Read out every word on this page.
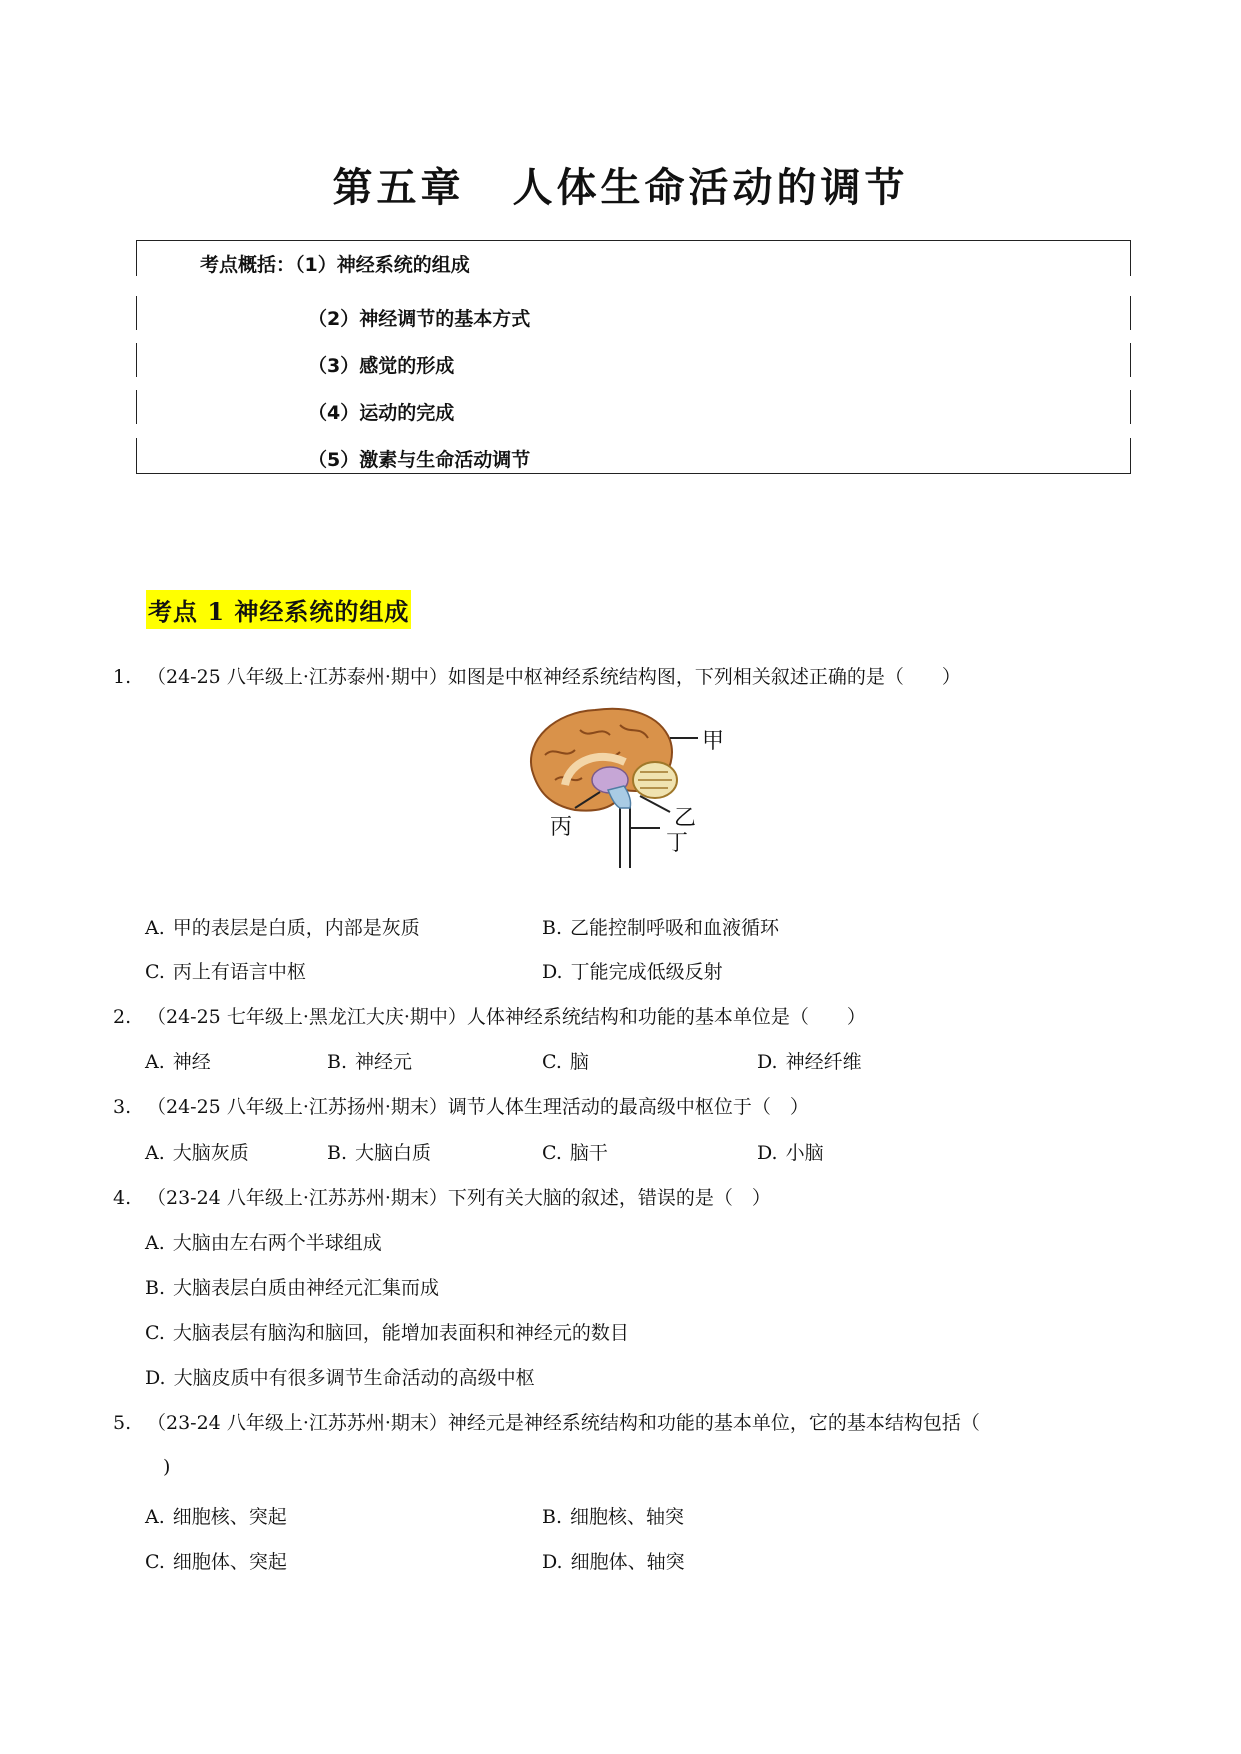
第五章 人体生命活动的调节
考点概括：（1）神经系统的组成
（2）神经调节的基本方式
（3）感觉的形成
（4）运动的完成
（5）激素与生命活动调节
考点 1 神经系统的组成
1. （24-25 八年级上·江苏泰州·期中）如图是中枢神经系统结构图，下列相关叙述正确的是（　　）
甲
乙
丙
丁
A. 甲的表层是白质，内部是灰质	B. 乙能控制呼吸和血液循环
C. 丙上有语言中枢	D. 丁能完成低级反射
2. （24-25 七年级上·黑龙江大庆·期中）人体神经系统结构和功能的基本单位是（　　）
A. 神经	B. 神经元	C. 脑	D. 神经纤维
3. （24-25 八年级上·江苏扬州·期末）调节人体生理活动的最高级中枢位于（　）
A. 大脑灰质	B. 大脑白质	C. 脑干	D. 小脑
4. （23-24 八年级上·江苏苏州·期末）下列有关大脑的叙述，错误的是（　）
A. 大脑由左右两个半球组成
B. 大脑表层白质由神经元汇集而成
C. 大脑表层有脑沟和脑回，能增加表面积和神经元的数目
D. 大脑皮质中有很多调节生命活动的高级中枢
5. （23-24 八年级上·江苏苏州·期末）神经元是神经系统结构和功能的基本单位，它的基本结构包括（
)
A. 细胞核、突起	B. 细胞核、轴突
C. 细胞体、突起	D. 细胞体、轴突
